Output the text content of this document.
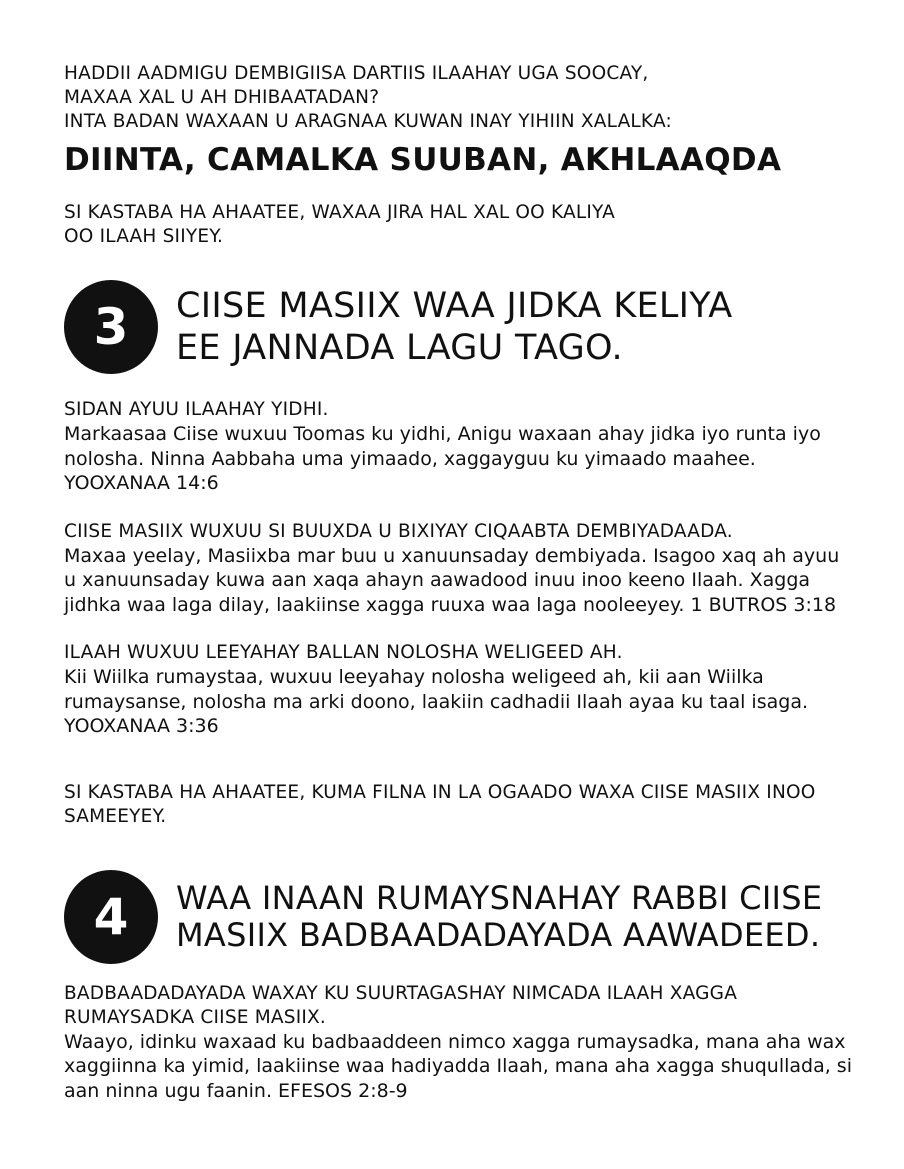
HADDII AADMIGU DEMBIGIISA DARTIIS ILAAHAY UGA SOOCAY,

MAXAA XAL U AH DHIBAATADAN?

INTA BADAN WAXAAN U ARAGNAA KUWAN INAY YIHIIN XALALKA:

DIINTA, CAMALKA SUUBAN, AKHLAAQDA

SI KASTABA HA AHAATEE, WAXAA JIRA HAL XAL OO KALIYA

OO ILAAH SIIYEY.

3	CIISE MASIIX WAA JIDKA KELIYA
EE JANNADA LAGU TAGO.

SIDAN AYUU ILAAHAY YIDHI.

Markaasaa Ciise wuxuu Toomas ku yidhi, Anigu waxaan ahay jidka iyo runta iyo nolosha. Ninna Aabbaha uma yimaado, xaggayguu ku yimaado maahee. YOOXANAA 14:6

CIISE MASIIX WUXUU SI BUUXDA U BIXIYAY CIQAABTA DEMBIYADAADA.

Maxaa yeelay, Masiixba mar buu u xanuunsaday dembiyada. Isagoo xaq ah ayuu u xanuunsaday kuwa aan xaqa ahayn aawadood inuu inoo keeno Ilaah. Xagga jidhka waa laga dilay, laakiinse xagga ruuxa waa laga nooleeyey. 1 BUTROS 3:18

ILAAH WUXUU LEEYAHAY BALLAN NOLOSHA WELIGEED AH.

Kii Wiilka rumaystaa, wuxuu leeyahay nolosha weligeed ah, kii aan Wiilka rumaysanse, nolosha ma arki doono, laakiin cadhadii Ilaah ayaa ku taal isaga. YOOXANAA 3:36

SI KASTABA HA AHAATEE, KUMA FILNA IN LA OGAADO WAXA CIISE MASIIX INOO SAMEEYEY.

4	WAA INAAN RUMAYSNAHAY RABBI CIISE
MASIIX BADBAADADAYADA AAWADEED.

BADBAADADAYADA WAXAY KU SUURTAGASHAY NIMCADA ILAAH XAGGA RUMAYSADKA CIISE MASIIX.

Waayo, idinku waxaad ku badbaaddeen nimco xagga rumaysadka, mana aha wax xaggiinna ka yimid, laakiinse waa hadiyadda Ilaah, mana aha xagga shuqullada, si aan ninna ugu faanin. EFESOS 2:8-9
